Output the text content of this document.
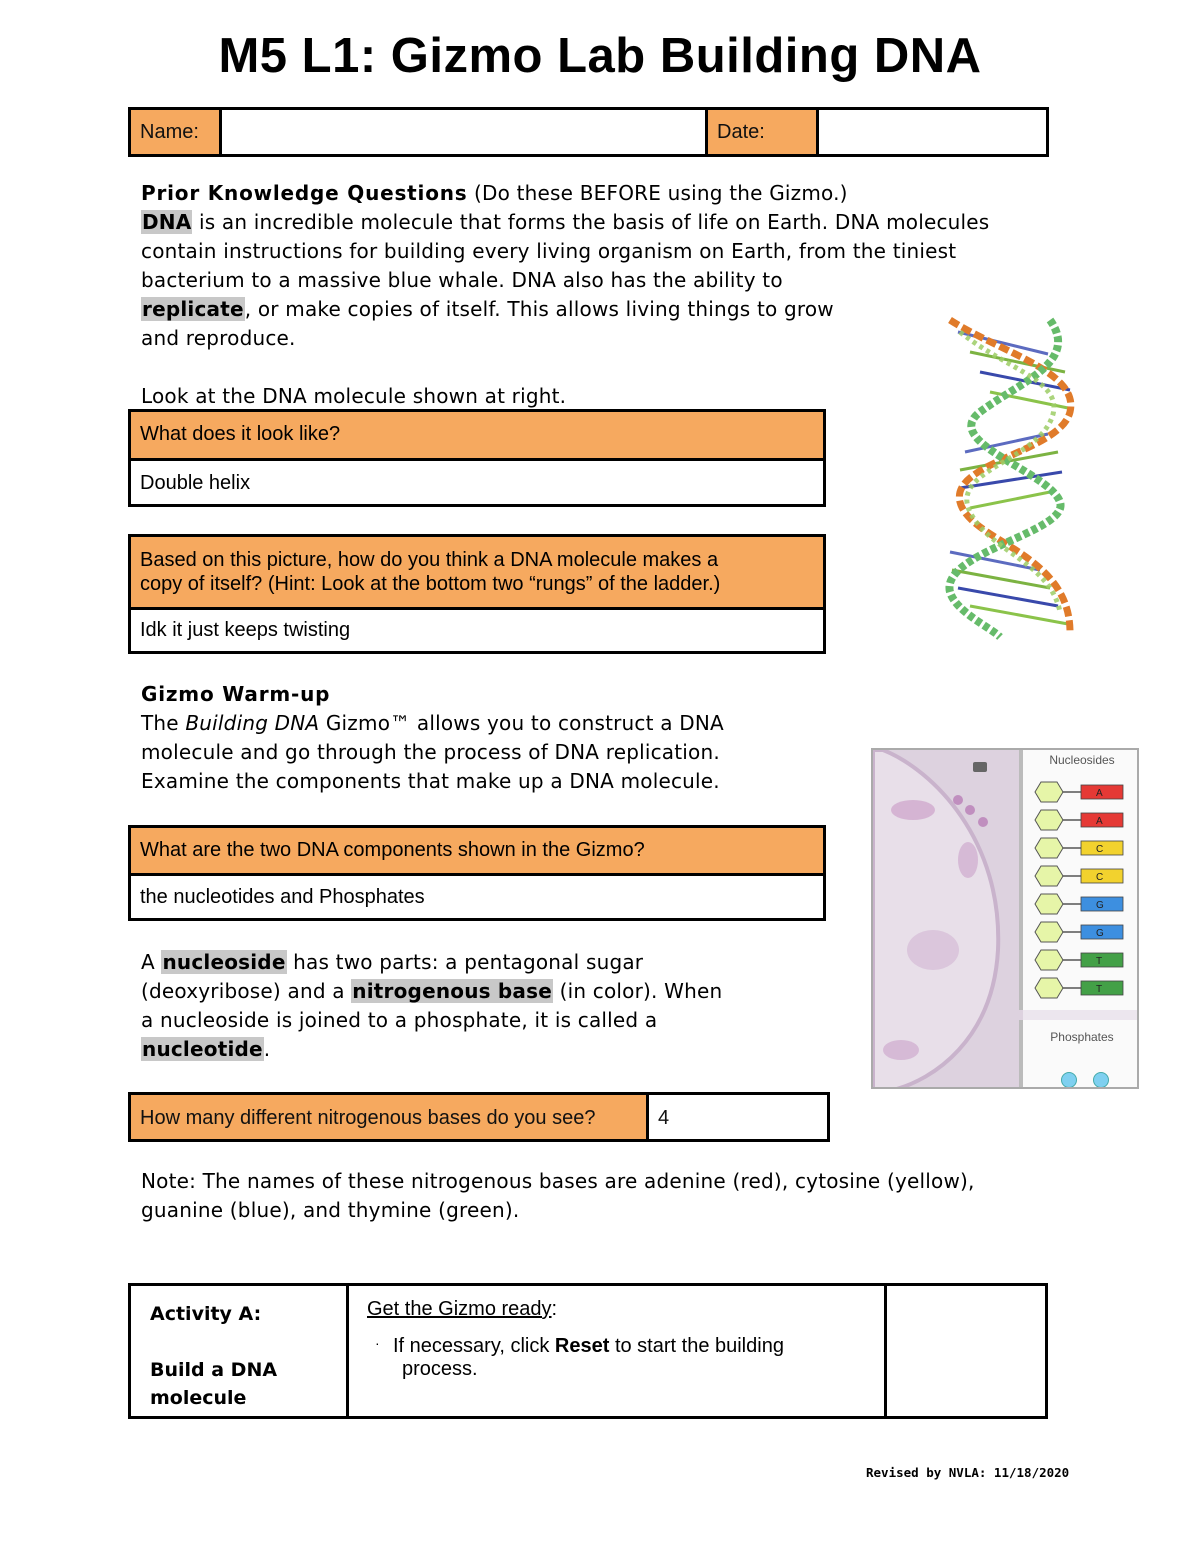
M5 L1: Gizmo Lab Building DNA
Name:	Date:
Prior Knowledge Questions (Do these BEFORE using the Gizmo.)
DNA is an incredible molecule that forms the basis of life on Earth. DNA molecules
contain instructions for building every living organism on Earth, from the tiniest
bacterium to a massive blue whale. DNA also has the ability to
replicate, or make copies of itself. This allows living things to grow
and reproduce.
Look at the DNA molecule shown at right.
What does it look like?
Double helix
Based on this picture, how do you think a DNA molecule makes a
copy of itself? (Hint: Look at the bottom two “rungs” of the ladder.)
Idk it just keeps twisting
Gizmo Warm-up
The Building DNA Gizmo™ allows you to construct a DNA
molecule and go through the process of DNA replication.
Examine the components that make up a DNA molecule.
Nucleosides
A
A
C
C
G
G
T
T
Phosphates
What are the two DNA components shown in the Gizmo?
the nucleotides and Phosphates
A nucleoside has two parts: a pentagonal sugar
(deoxyribose) and a nitrogenous base (in color). When
a nucleoside is joined to a phosphate, it is called a
nucleotide.
How many different nitrogenous bases do you see?	4
Note: The names of these nitrogenous bases are adenine (red), cytosine (yellow),
guanine (blue), and thymine (green).
Activity A:
Build a DNA
molecule
Get the Gizmo ready:
· If necessary, click Reset to start the building
process.
Revised by NVLA: 11/18/2020
